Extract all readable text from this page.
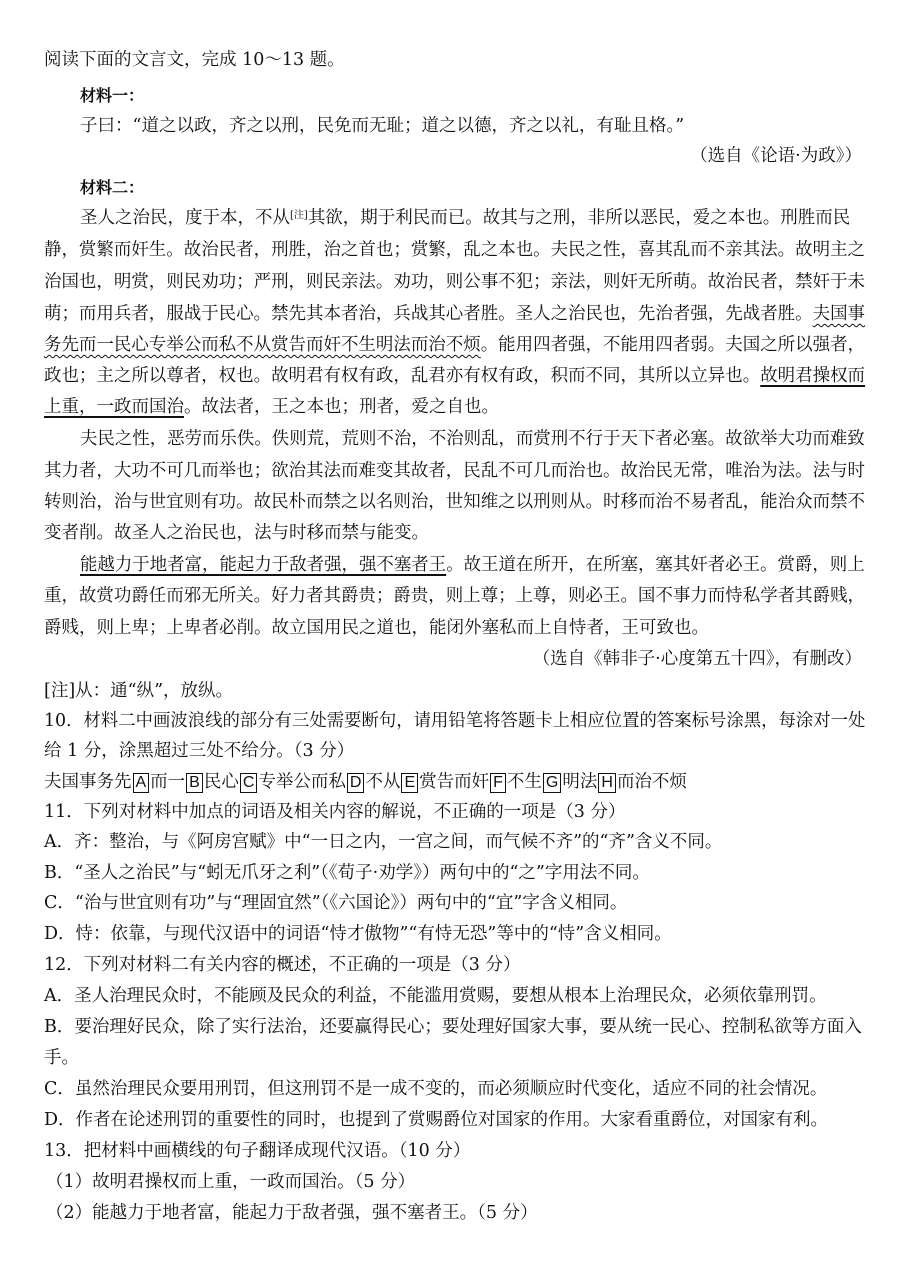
阅读下面的文言文，完成 10～13 题。
材料一：
子曰：“道之以政，齐之以刑，民免而无耻；道之以德，齐之以礼，有耻且格。”
（选自《论语·为政》）
材料二：
圣人之治民，度于本，不从[注]其欲，期于利民而已。故其与之刑，非所以恶民，爱之本也。刑胜而民
静，赏繁而奸生。故治民者，刑胜，治之首也；赏繁，乱之本也。夫民之性，喜其乱而不亲其法。故明主之
治国也，明赏，则民劝功；严刑，则民亲法。劝功，则公事不犯；亲法，则奸无所萌。故治民者，禁奸于未
萌；而用兵者，服战于民心。禁先其本者治，兵战其心者胜。圣人之治民也，先治者强，先战者胜。夫国事
务先而一民心专举公而私不从赏告而奸不生明法而治不烦。能用四者强，不能用四者弱。夫国之所以强者，
政也；主之所以尊者，权也。故明君有权有政，乱君亦有权有政，积而不同，其所以立异也。故明君操权而
上重，一政而国治。故法者，王之本也；刑者，爱之自也。
夫民之性，恶劳而乐佚。佚则荒，荒则不治，不治则乱，而赏刑不行于天下者必塞。故欲举大功而难致
其力者，大功不可几而举也；欲治其法而难变其故者，民乱不可几而治也。故治民无常，唯治为法。法与时
转则治，治与世宜则有功。故民朴而禁之以名则治，世知维之以刑则从。时移而治不易者乱，能治众而禁不
变者削。故圣人之治民也，法与时移而禁与能变。
能越力于地者富，能起力于敌者强，强不塞者王。故王道在所开，在所塞，塞其奸者必王。赏爵，则上
重，故赏功爵任而邪无所关。好力者其爵贵；爵贵，则上尊；上尊，则必王。国不事力而恃私学者其爵贱，
爵贱，则上卑；上卑者必削。故立国用民之道也，能闭外塞私而上自恃者，王可致也。
（选自《韩非子·心度第五十四》，有删改）
[注]从：通“纵”，放纵。
10．材料二中画波浪线的部分有三处需要断句，请用铅笔将答题卡上相应位置的答案标号涂黑，每涂对一处
给 1 分，涂黑超过三处不给分。（3 分）
夫国事务先 A 而一 B 民心 C 专举公而私 D 不从 E 赏告而奸 F 不生 G 明法 H 而治不烦
11．下列对材料中加点的词语及相关内容的解说，不正确的一项是（3 分）
A．齐：整治，与《阿房宫赋》中“一日之内，一宫之间，而气候不齐”的“齐”含义不同。
B．“圣人之治民”与“蚓无爪牙之利”（《荀子·劝学》）两句中的“之”字用法不同。
C．“治与世宜则有功”与“理固宜然”（《六国论》）两句中的“宜”字含义相同。
D．恃：依靠，与现代汉语中的词语“恃才傲物”“有恃无恐”等中的“恃”含义相同。
12．下列对材料二有关内容的概述，不正确的一项是（3 分）
A．圣人治理民众时，不能顾及民众的利益，不能滥用赏赐，要想从根本上治理民众，必须依靠刑罚。
B．要治理好民众，除了实行法治，还要赢得民心；要处理好国家大事，要从统一民心、控制私欲等方面入
手。
C．虽然治理民众要用刑罚，但这刑罚不是一成不变的，而必须顺应时代变化，适应不同的社会情况。
D．作者在论述刑罚的重要性的同时，也提到了赏赐爵位对国家的作用。大家看重爵位，对国家有利。
13．把材料中画横线的句子翻译成现代汉语。（10 分）
（1）故明君操权而上重，一政而国治。（5 分）
（2）能越力于地者富，能起力于敌者强，强不塞者王。（5 分）
